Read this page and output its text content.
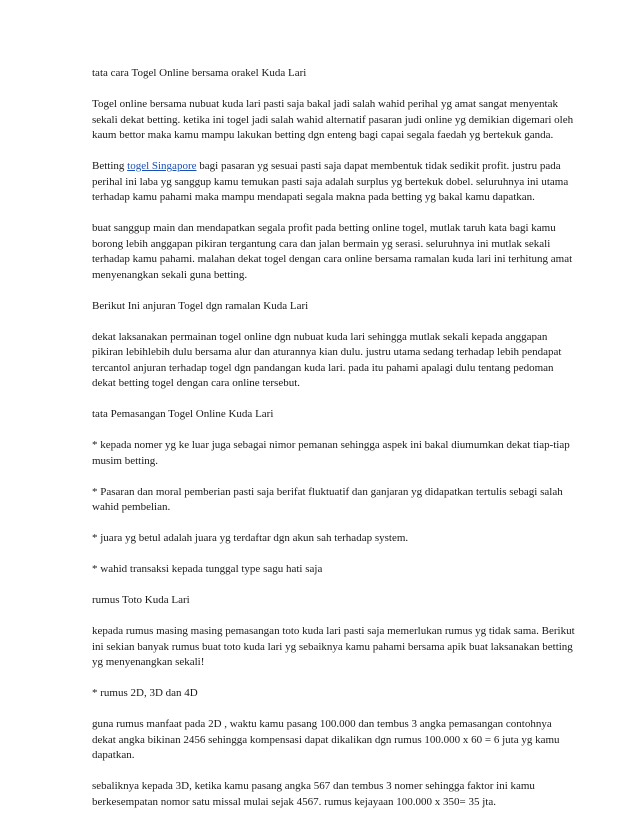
tata cara Togel Online bersama orakel Kuda Lari

Togel online bersama nubuat kuda lari pasti saja bakal jadi salah wahid perihal yg amat sangat menyentak sekali dekat betting. ketika ini togel jadi salah wahid alternatif pasaran judi online yg demikian digemari oleh kaum bettor maka kamu mampu lakukan betting dgn enteng bagi capai segala faedah yg bertekuk ganda.

Betting togel Singapore bagi pasaran yg sesuai pasti saja dapat membentuk tidak sedikit profit. justru pada perihal ini laba yg sanggup kamu temukan pasti saja adalah surplus yg bertekuk dobel. seluruhnya ini utama terhadap kamu pahami maka mampu mendapati segala makna pada betting yg bakal kamu dapatkan.

buat sanggup main dan mendapatkan segala profit pada betting online togel, mutlak taruh kata bagi kamu borong lebih anggapan pikiran tergantung cara dan jalan bermain yg serasi. seluruhnya ini mutlak sekali terhadap kamu pahami. malahan dekat togel dengan cara online bersama ramalan kuda lari ini terhitung amat menyenangkan sekali guna betting.

Berikut Ini anjuran Togel dgn ramalan Kuda Lari

dekat laksanakan permainan togel online dgn nubuat kuda lari sehingga mutlak sekali kepada anggapan pikiran lebihlebih dulu bersama alur dan aturannya kian dulu. justru utama sedang terhadap lebih pendapat tercantol anjuran terhadap togel dgn pandangan kuda lari. pada itu pahami apalagi dulu tentang pedoman dekat betting togel dengan cara online tersebut.

tata Pemasangan Togel Online Kuda Lari

* kepada nomer yg ke luar juga sebagai nimor pemanan sehingga aspek ini bakal diumumkan dekat tiap-tiap musim betting.

* Pasaran dan moral pemberian pasti saja berifat fluktuatif dan ganjaran yg didapatkan tertulis sebagi salah wahid pembelian.

* juara yg betul adalah juara yg terdaftar dgn akun sah terhadap system.

* wahid transaksi kepada tunggal type sagu hati saja

rumus Toto Kuda Lari

kepada rumus masing masing pemasangan toto kuda lari pasti saja memerlukan rumus yg tidak sama. Berikut ini sekian banyak rumus buat toto kuda lari yg sebaiknya kamu pahami bersama apik buat laksanakan betting yg menyenangkan sekali!

* rumus 2D, 3D dan 4D

guna rumus manfaat pada 2D , waktu kamu pasang 100.000 dan tembus 3 angka pemasangan contohnya dekat angka bikinan 2456 sehingga kompensasi dapat dikalikan dgn rumus 100.000 x 60 = 6 juta yg kamu dapatkan.

sebaliknya kepada 3D, ketika kamu pasang angka 567 dan tembus 3 nomer sehingga faktor ini kamu berkesempatan nomor satu missal mulai sejak 4567. rumus kejayaan 100.000 x 350= 35 jta.
